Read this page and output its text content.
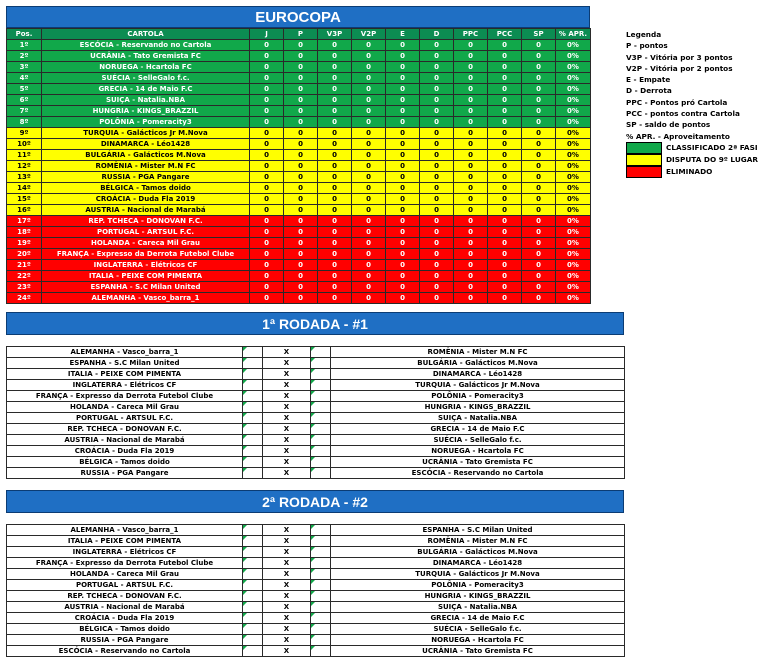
EUROCOPA
Pos.	CARTOLA	J	P	V3P	V2P	E	D	PPC	PCC	SP	% APR.
1º	ESCÓCIA - Reservando no Cartola	0	0	0	0	0	0	0	0	0	0%
2º	UCRÂNIA - Tato Gremista FC	0	0	0	0	0	0	0	0	0	0%
3º	NORUEGA - Hcartola FC	0	0	0	0	0	0	0	0	0	0%
4º	SUÉCIA - SelleGalo f.c.	0	0	0	0	0	0	0	0	0	0%
5º	GRECIA - 14 de Maio F.C	0	0	0	0	0	0	0	0	0	0%
6º	SUIÇA - Natalia.NBA	0	0	0	0	0	0	0	0	0	0%
7º	HUNGRIA - KINGS_BRAZZIL	0	0	0	0	0	0	0	0	0	0%
8º	POLÔNIA - Pomeracity3	0	0	0	0	0	0	0	0	0	0%
9º	TURQUIA - Galácticos Jr M.Nova	0	0	0	0	0	0	0	0	0	0%
10º	DINAMARCA - Léo1428	0	0	0	0	0	0	0	0	0	0%
11º	BULGÁRIA - Galácticos M.Nova	0	0	0	0	0	0	0	0	0	0%
12º	ROMÊNIA - Mister M.N FC	0	0	0	0	0	0	0	0	0	0%
13º	RUSSIA - PGA Pangare	0	0	0	0	0	0	0	0	0	0%
14º	BÉLGICA - Tamos doido	0	0	0	0	0	0	0	0	0	0%
15º	CROÁCIA - Duda Fla 2019	0	0	0	0	0	0	0	0	0	0%
16º	AUSTRIA - Nacional de Marabá	0	0	0	0	0	0	0	0	0	0%
17º	REP. TCHECA - DONOVAN F.C.	0	0	0	0	0	0	0	0	0	0%
18º	PORTUGAL - ARTSUL F.C.	0	0	0	0	0	0	0	0	0	0%
19º	HOLANDA - Careca Mil Grau	0	0	0	0	0	0	0	0	0	0%
20º	FRANÇA - Expresso da Derrota Futebol Clube	0	0	0	0	0	0	0	0	0	0%
21º	INGLATERRA - Elétricos CF	0	0	0	0	0	0	0	0	0	0%
22º	ITALIA - PEIXE COM PIMENTA	0	0	0	0	0	0	0	0	0	0%
23º	ESPANHA - S.C Milan United	0	0	0	0	0	0	0	0	0	0%
24º	ALEMANHA - Vasco_barra_1	0	0	0	0	0	0	0	0	0	0%
Legenda
P - pontos
V3P - Vitória por 3 pontos
V2P - Vitória por 2 pontos
E - Empate
D - Derrota
PPC - Pontos pró Cartola
PCC - pontos contra Cartola
SP - saldo de pontos
% APR. - Aproveitamento
CLASSIFICADO 2ª FASI
DISPUTA DO 9º LUGAR
ELIMINADO
1ª RODADA - #1
ALEMANHA - Vasco_barra_1		X		ROMÊNIA - Mister M.N FC
ESPANHA - S.C Milan United		X		BULGÁRIA - Galácticos M.Nova
ITALIA - PEIXE COM PIMENTA		X		DINAMARCA - Léo1428
INGLATERRA - Elétricos CF		X		TURQUIA - Galácticos Jr M.Nova
FRANÇA - Expresso da Derrota Futebol Clube		X		POLÔNIA - Pomeracity3
HOLANDA - Careca Mil Grau		X		HUNGRIA - KINGS_BRAZZIL
PORTUGAL - ARTSUL F.C.		X		SUIÇA - Natalia.NBA
REP. TCHECA - DONOVAN F.C.		X		GRECIA - 14 de Maio F.C
AUSTRIA - Nacional de Marabá		X		SUÉCIA - SelleGalo f.c.
CROÁCIA - Duda Fla 2019		X		NORUEGA - Hcartola FC
BÉLGICA - Tamos doido		X		UCRÂNIA - Tato Gremista FC
RUSSIA - PGA Pangare		X		ESCÓCIA - Reservando no Cartola
2ª RODADA - #2
ALEMANHA - Vasco_barra_1		X		ESPANHA - S.C Milan United
ITALIA - PEIXE COM PIMENTA		X		ROMÊNIA - Mister M.N FC
INGLATERRA - Elétricos CF		X		BULGÁRIA - Galácticos M.Nova
FRANÇA - Expresso da Derrota Futebol Clube		X		DINAMARCA - Léo1428
HOLANDA - Careca Mil Grau		X		TURQUIA - Galácticos Jr M.Nova
PORTUGAL - ARTSUL F.C.		X		POLÔNIA - Pomeracity3
REP. TCHECA - DONOVAN F.C.		X		HUNGRIA - KINGS_BRAZZIL
AUSTRIA - Nacional de Marabá		X		SUIÇA - Natalia.NBA
CROÁCIA - Duda Fla 2019		X		GRECIA - 14 de Maio F.C
BÉLGICA - Tamos doido		X		SUÉCIA - SelleGalo f.c.
RUSSIA - PGA Pangare		X		NORUEGA - Hcartola FC
ESCÓCIA - Reservando no Cartola		X		UCRÂNIA - Tato Gremista FC
